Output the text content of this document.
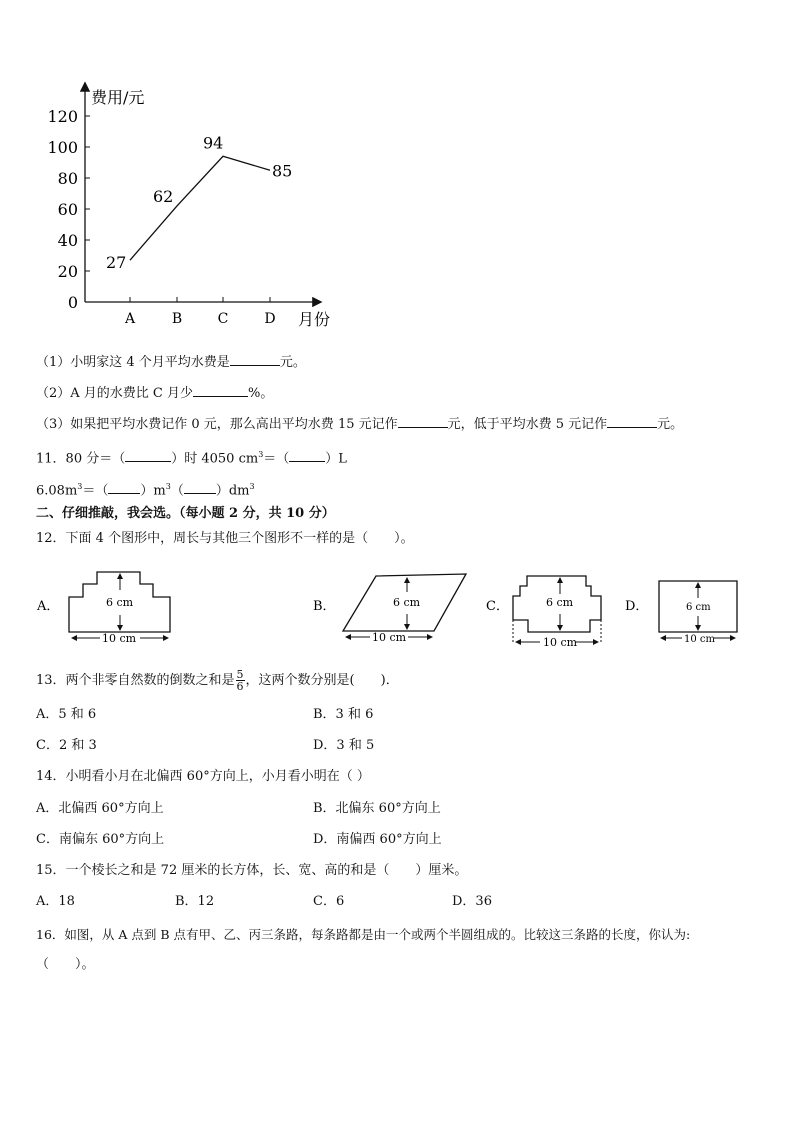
费用/元
月份
0
20
40
60
80
100
120
A	B	C	D
27
62
94
85
（1）小明家这 4 个月平均水费是	元。
（2）A 月的水费比 C 月少	%。
（3）如果把平均水费记作 0 元，那么高出平均水费 15 元记作	元，低于平均水费 5 元记作	元。
11．80 分＝（	）时 4050 $cm^3=$（	）L
$6.08m^3=$（ ）$m^3$（ ）$dm^3$
二、仔细推敲，我会选。（每小题 2 分，共 10 分）
12．下面 4 个图形中，周长与其他三个图形不一样的是（　　）。
A．	6 cm
10 cm
B．	6 cm
10 cm
C．	6 cm
10 cm
D．	6 cm
10 cm
13．两个非零自然数的倒数之和是 $\frac{5}{6}$ ，这两个数分别是(　　)．
A．5 和 6	B．3 和 6
C．2 和 3	D．3 和 5
14．小明看小月在北偏西 60°方向上，小月看小明在（ ）
A．北偏西 60°方向上	B．北偏东 60°方向上
C．南偏东 60°方向上	D．南偏西 60°方向上
15．一个棱长之和是 72 厘米的长方体，长、宽、高的和是（　　）厘米。
A．18	B．12	C．6	D．36
16．如图，从 A 点到 B 点有甲、乙、丙三条路，每条路都是由一个或两个半圆组成的。比较这三条路的长度，你认为:
（　　）。
